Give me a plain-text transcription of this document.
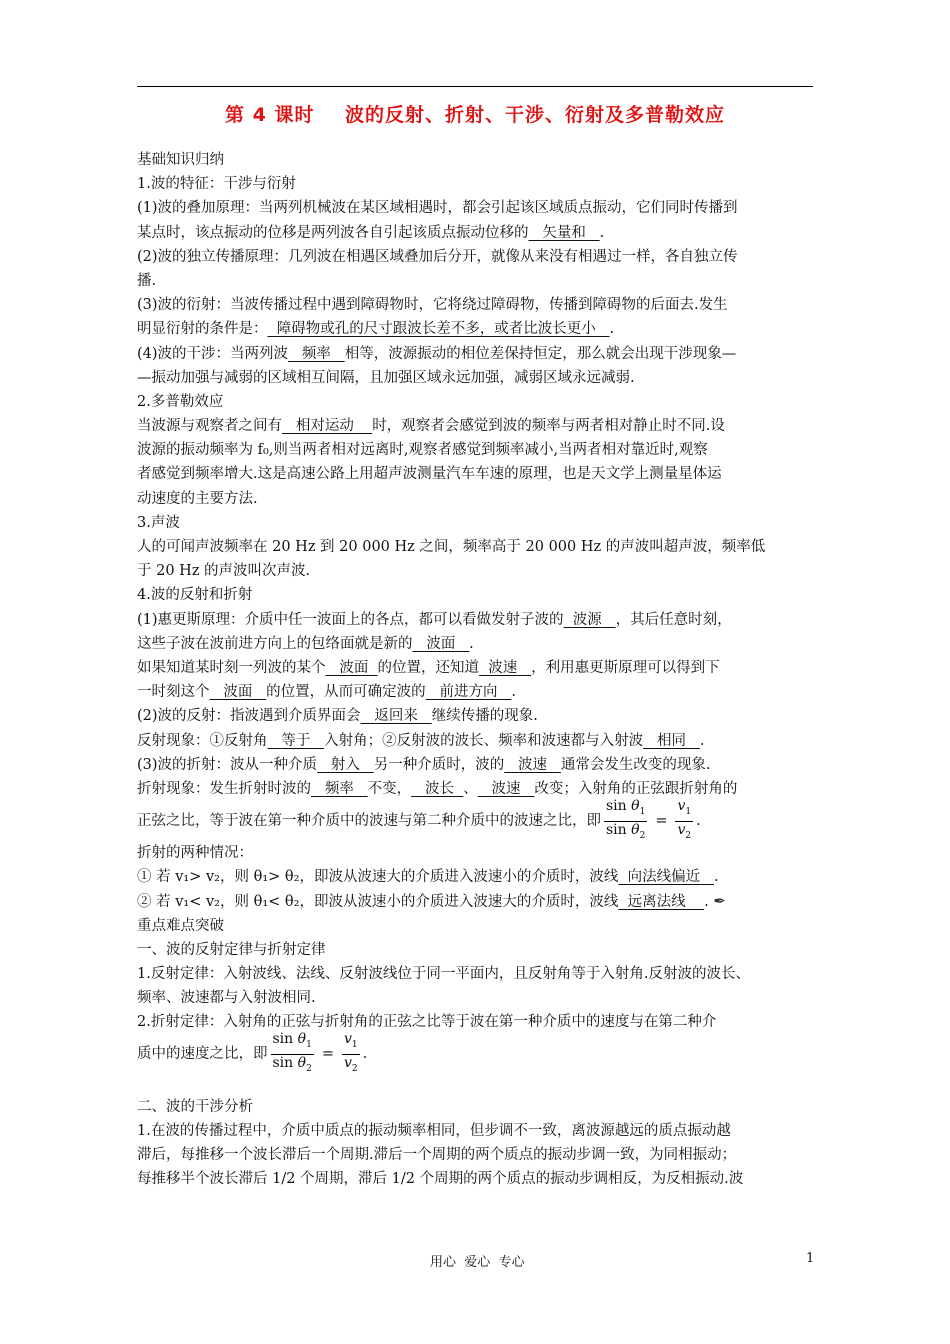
第 4 课时    波的反射、折射、干涉、衍射及多普勒效应
基础知识归纳
1.波的特征：干涉与衍射
(1)波的叠加原理：当两列机械波在某区域相遇时，都会引起该区域质点振动，它们同时传播到
某点时，该点振动的位移是两列波各自引起该质点振动位移的 矢量和 .
(2)波的独立传播原理：几列波在相遇区域叠加后分开，就像从来没有相遇过一样，各自独立传
播.
(3)波的衍射：当波传播过程中遇到障碍物时，它将绕过障碍物，传播到障碍物的后面去.发生
明显衍射的条件是： 障碍物或孔的尺寸跟波长差不多，或者比波长更小 .
(4)波的干涉：当两列波 频率 相等，波源振动的相位差保持恒定，那么就会出现干涉现象—
—振动加强与减弱的区域相互间隔，且加强区域永远加强，减弱区域永远减弱.
2.多普勒效应
当波源与观察者之间有 相对运动 时，观察者会感觉到波的频率与两者相对静止时不同.设
波源的振动频率为 f₀,则当两者相对远离时,观察者感觉到频率减小,当两者相对靠近时,观察
者感觉到频率增大.这是高速公路上用超声波测量汽车车速的原理，也是天文学上测量星体运
动速度的主要方法.
3.声波
人的可闻声波频率在 20 Hz 到 20 000 Hz 之间，频率高于 20 000 Hz 的声波叫超声波，频率低
于 20 Hz 的声波叫次声波.
4.波的反射和折射
(1)惠更斯原理：介质中任一波面上的各点，都可以看做发射子波的 波源 ，其后任意时刻，
这些子波在波前进方向上的包络面就是新的 波面 .
如果知道某时刻一列波的某个 波面 的位置，还知道 波速 ，利用惠更斯原理可以得到下
一时刻这个 波面 的位置，从而可确定波的 前进方向 .
(2)波的反射：指波遇到介质界面会 返回来 继续传播的现象.
反射现象：①反射角 等于 入射角；②反射波的波长、频率和波速都与入射波 相同 .
(3)波的折射：波从一种介质 射入 另一种介质时，波的 波速 通常会发生改变的现象.
折射现象：发生折射时波的 频率 不变， 波长 、 波速 改变；入射角的正弦跟折射角的
正弦之比，等于波在第一种介质中的波速与第二种介质中的波速之比，即 $\frac{\sin \theta_1}{\sin \theta_2} = \frac{v_1}{v_2}$ .
折射的两种情况：
① 若 v₁> v₂，则 θ₁> θ₂，即波从波速大的介质进入波速小的介质时，波线 向法线偏近 .
② 若 v₁< v₂，则 θ₁< θ₂，即波从波速小的介质进入波速大的介质时，波线 远离法线 . ✒
重点难点突破
一、波的反射定律与折射定律
1.反射定律：入射波线、法线、反射波线位于同一平面内，且反射角等于入射角.反射波的波长、
频率、波速都与入射波相同.
2.折射定律：入射角的正弦与折射角的正弦之比等于波在第一种介质中的速度与在第二种介
质中的速度之比，即 $\frac{\sin \theta_1}{\sin \theta_2} = \frac{v_1}{v_2}$ .
二、波的干涉分析
1.在波的传播过程中，介质中质点的振动频率相同，但步调不一致，离波源越远的质点振动越
滞后，每推移一个波长滞后一个周期.滞后一个周期的两个质点的振动步调一致，为同相振动；
每推移半个波长滞后 1/2 个周期，滞后 1/2 个周期的两个质点的振动步调相反，为反相振动.波
用心  爱心  专心	1
